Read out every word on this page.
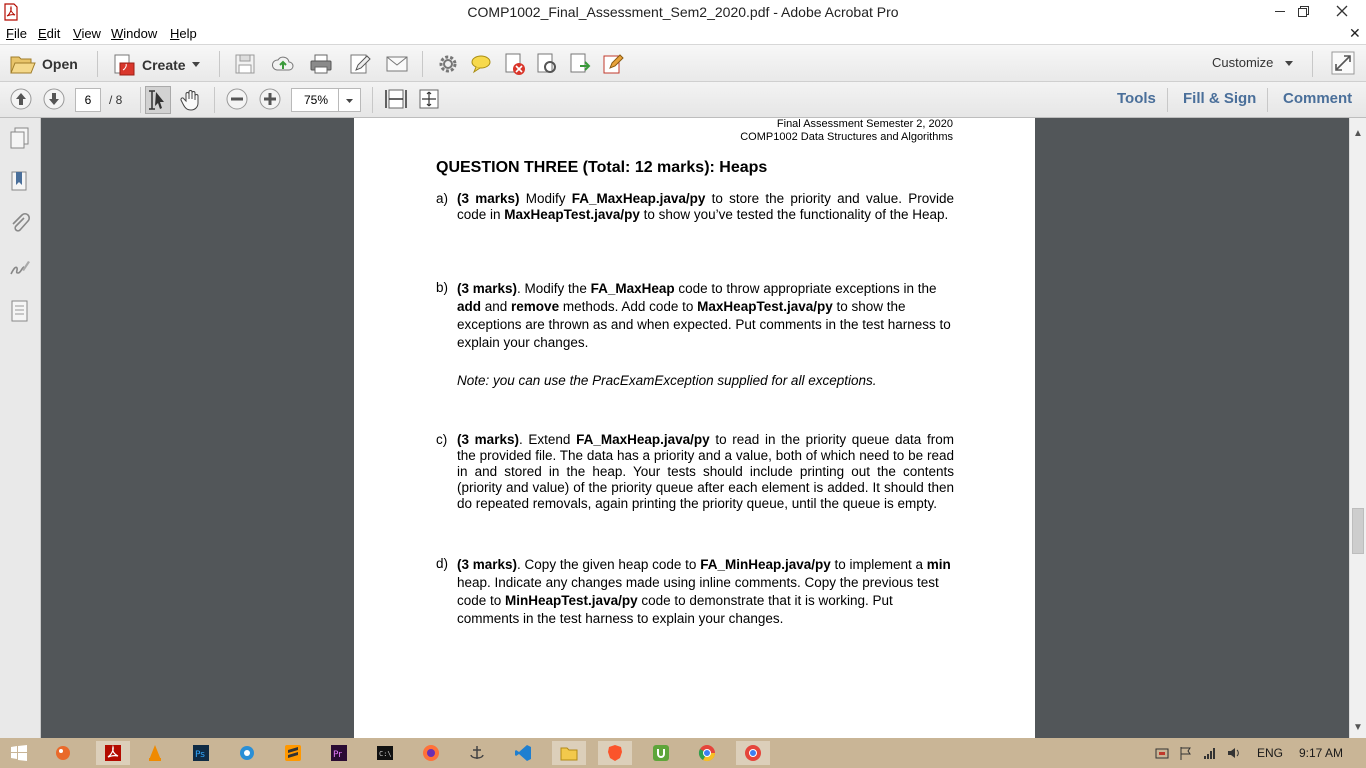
COMP1002_Final_Assessment_Sem2_2020.pdf - Adobe Acrobat Pro
File Edit View Window Help	✕
Open	Create	Customize
6	/ 8	75%	Tools Fill & Sign Comment
Final Assessment Semester 2, 2020
COMP1002 Data Structures and Algorithms
QUESTION THREE (Total: 12 marks): Heaps
a) (3 marks) Modify FA_MaxHeap.java/py to store the priority and value. Provide code in MaxHeapTest.java/py to show you’ve tested the functionality of the Heap.
b) (3 marks). Modify the FA_MaxHeap code to throw appropriate exceptions in the add and remove methods. Add code to MaxHeapTest.java/py to show the exceptions are thrown as and when expected. Put comments in the test harness to explain your changes.
Note: you can use the PracExamException supplied for all exceptions.
c) (3 marks). Extend FA_MaxHeap.java/py to read in the priority queue data from the provided file. The data has a priority and a value, both of which need to be read in and stored in the heap. Your tests should include printing out the contents (priority and value) of the priority queue after each element is added. It should then do repeated removals, again printing the priority queue, until the queue is empty.
d) (3 marks). Copy the given heap code to FA_MinHeap.java/py to implement a min heap. Indicate any changes made using inline comments. Copy the previous test code to MinHeapTest.java/py code to demonstrate that it is working. Put comments in the test harness to explain your changes.
▲
▼
Ps	Pr	C:\	ENG 9:17 AM
